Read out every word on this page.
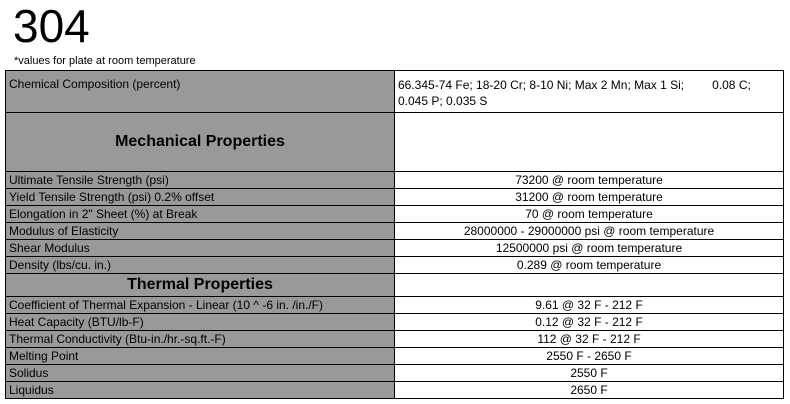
304
*values for plate at room temperature
Chemical Composition (percent)	66.345-74 Fe; 18-20 Cr; 8-10 Ni; Max 2 Mn; Max 1 Si; 0.08 C;
0.045 P; 0.035 S
Mechanical Properties	
Ultimate Tensile Strength (psi)	73200 @ room temperature
Yield Tensile Strength (psi) 0.2% offset	31200 @ room temperature
Elongation in 2" Sheet (%) at Break	70 @ room temperature
Modulus of Elasticity	28000000 - 29000000 psi @ room temperature
Shear Modulus	12500000 psi @ room temperature
Density (lbs/cu. in.)	0.289 @ room temperature
Thermal Properties	
Coefficient of Thermal Expansion - Linear (10 ^ -6 in. /in./F)	9.61 @ 32 F - 212 F
Heat Capacity (BTU/lb-F)	0.12 @ 32 F - 212 F
Thermal Conductivity (Btu-in./hr.-sq.ft.-F)	112 @ 32 F - 212 F
Melting Point	2550 F - 2650 F
Solidus	2550 F
Liquidus	2650 F
